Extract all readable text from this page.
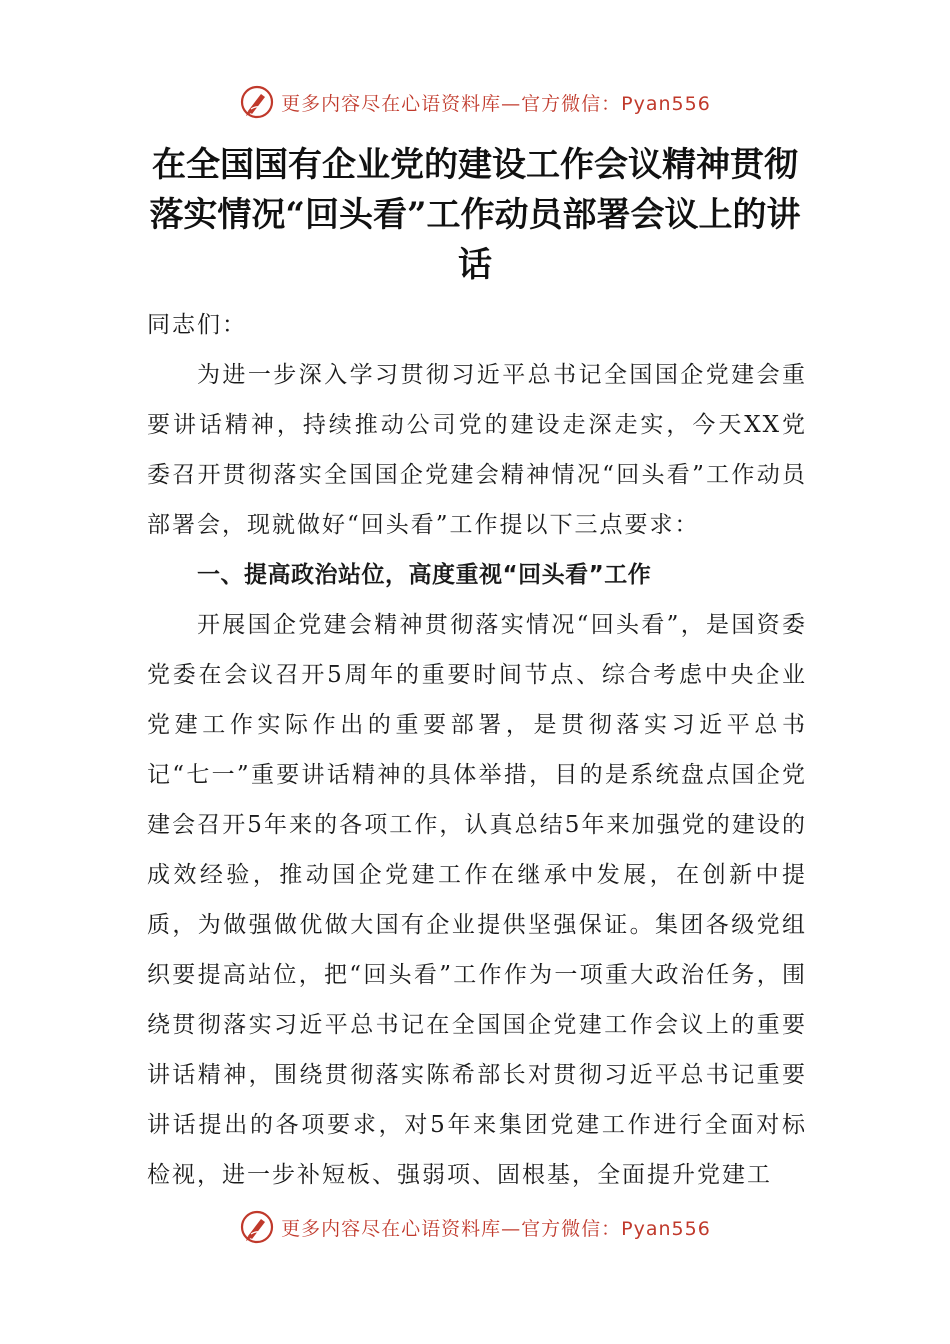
更多内容尽在心语资料库—官方微信：Pyan556
在全国国有企业党的建设工作会议精神贯彻落实情况“回头看”工作动员部署会议上的讲话

同志们：

为进一步深入学习贯彻习近平总书记全国国企党建会重要讲话精神，持续推动公司党的建设走深走实，今天XX党委召开贯彻落实全国国企党建会精神情况“回头看”工作动员部署会，现就做好“回头看”工作提以下三点要求：

一、提高政治站位，高度重视“回头看”工作

开展国企党建会精神贯彻落实情况“回头看”，是国资委党委在会议召开5周年的重要时间节点、综合考虑中央企业党建工作实际作出的重要部署，是贯彻落实习近平总书记“七一”重要讲话精神的具体举措，目的是系统盘点国企党建会召开5年来的各项工作，认真总结5年来加强党的建设的成效经验，推动国企党建工作在继承中发展，在创新中提质，为做强做优做大国有企业提供坚强保证。集团各级党组织要提高站位，把“回头看”工作作为一项重大政治任务，围绕贯彻落实习近平总书记在全国国企党建工作会议上的重要讲话精神，围绕贯彻落实陈希部长对贯彻习近平总书记重要讲话提出的各项要求，对5年来集团党建工作进行全面对标检视，进一步补短板、强弱项、固根基，全面提升党建工

更多内容尽在心语资料库—官方微信：Pyan556
